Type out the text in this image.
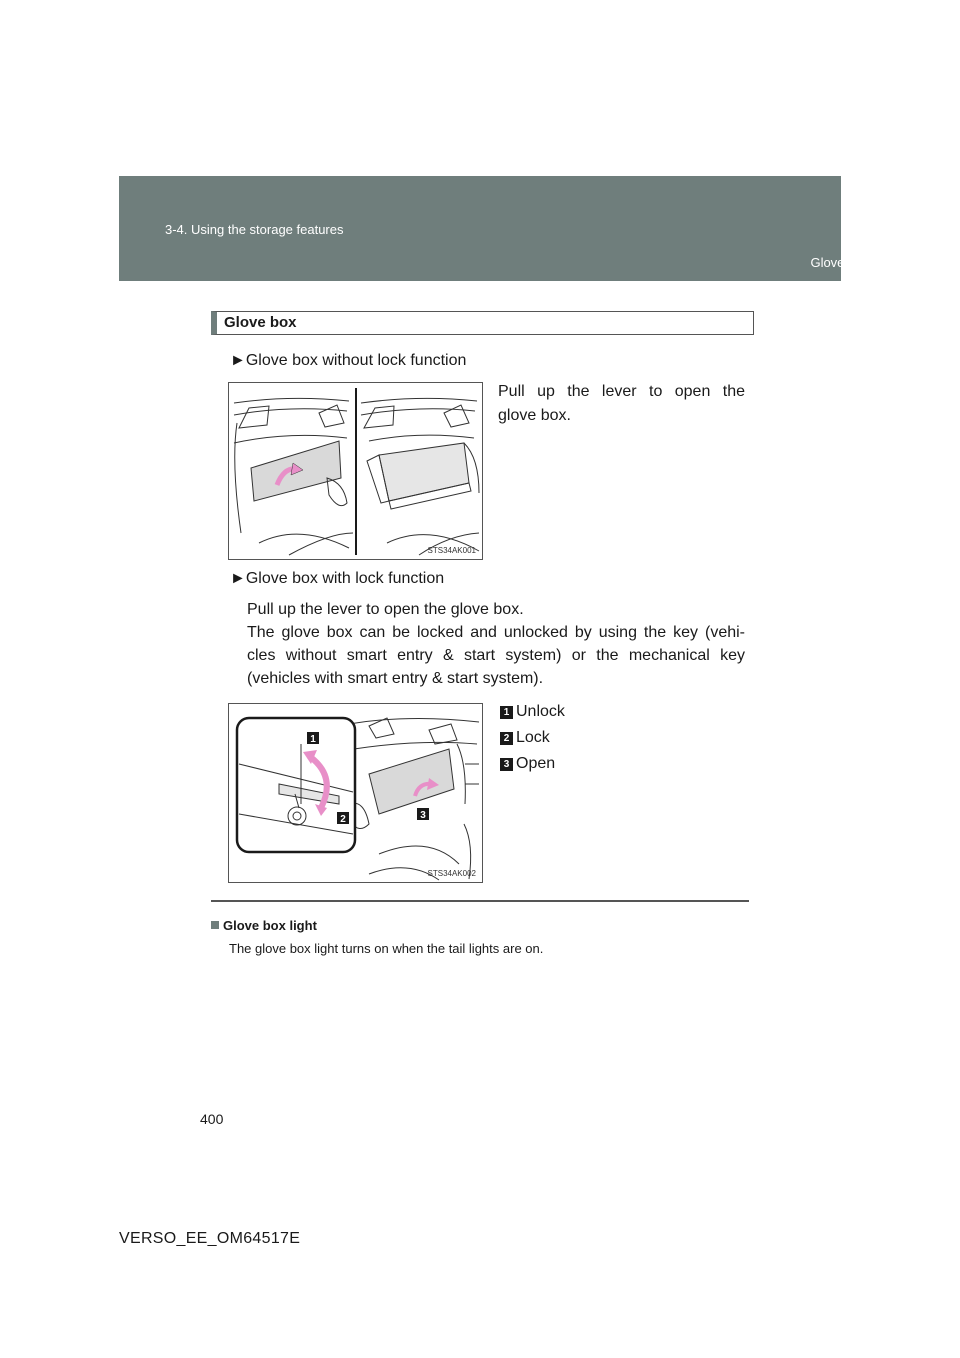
3-4. Using the storage features
Glove box
Glove box
►Glove box without lock function
STS34AK001
Pull up the lever to open the
glove box.
►Glove box with lock function
Pull up the lever to open the glove box.
The glove box can be locked and unlocked by using the key (vehi-
cles without smart entry & start system) or the mechanical key
(vehicles with smart entry & start system).
1
2	3
STS34AK002
1 Unlock
2 Lock
3 Open
Glove box light
The glove box light turns on when the tail lights are on.
400
VERSO_EE_OM64517E
